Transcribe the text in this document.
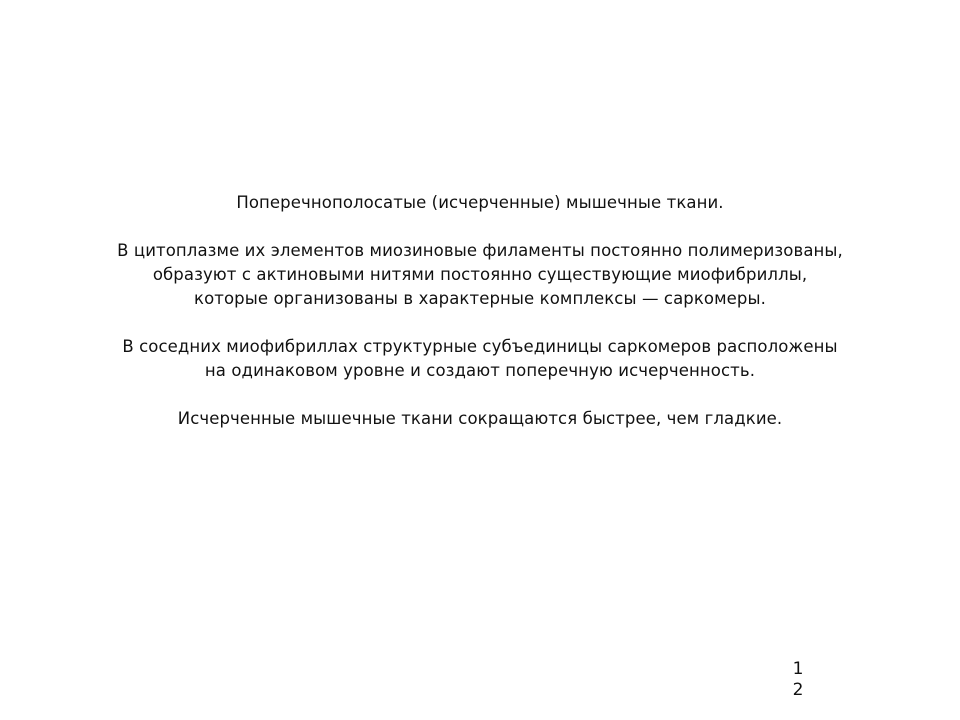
Поперечнополосатые (исчерченные) мышечные ткани.
В цитоплазме их элементов миозиновые филаменты постоянно полимеризованы,
образуют с актиновыми нитями постоянно существующие миофибриллы,
которые организованы в характерные комплексы — саркомеры.
В соседних миофибриллах структурные субъединицы саркомеров расположены
на одинаковом уровне и создают поперечную исчерченность.
Исчерченные мышечные ткани сокращаются быстрее, чем гладкие.
1
2
